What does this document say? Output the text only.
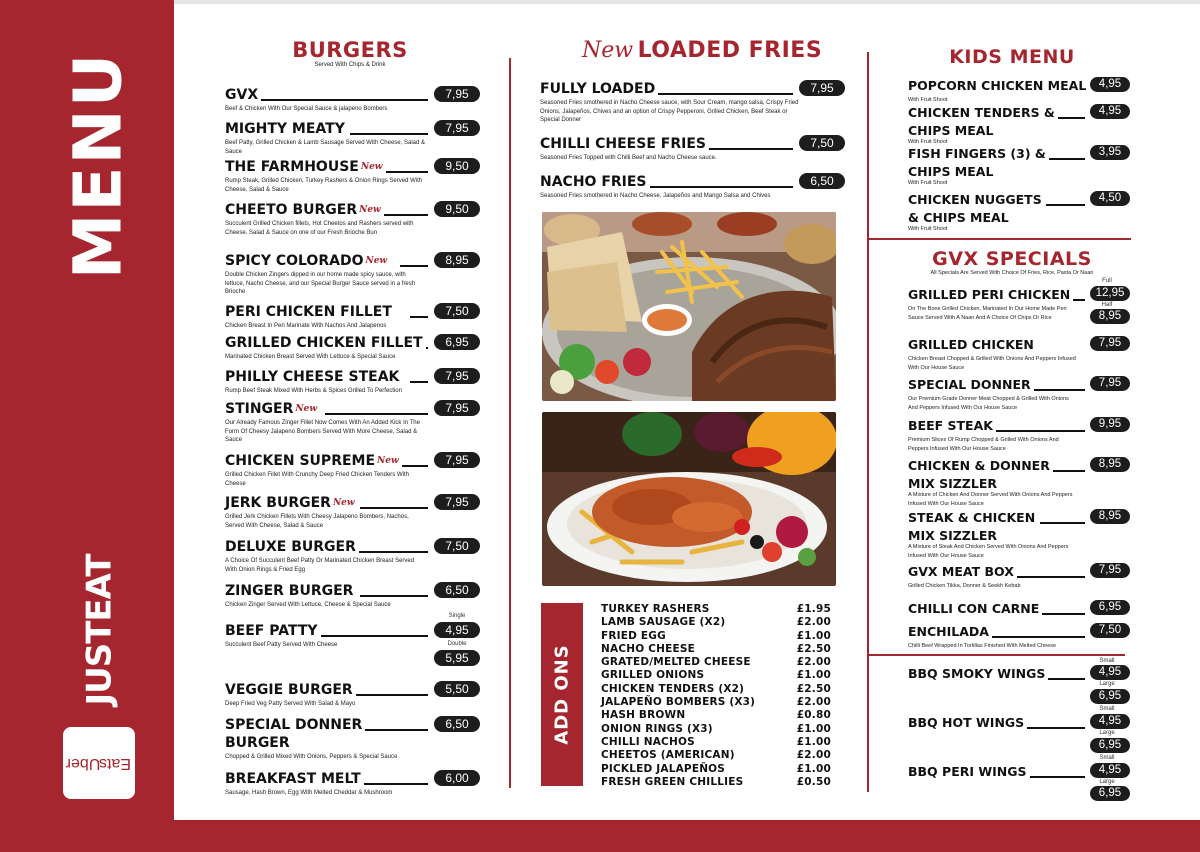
MENU
JUSTEAT
Uber

Eats
BURGERS
Served With Chips & Drink
GVX	7,95
Beef & Chicken With Our Special Sauce & jalapeno Bombers
MIGHTY MEATY	7,95
Beef Patty, Grilled Chicken & Lamb Sausage Served With Cheese, Salad & Sauce
THE FARMHOUSE $^{New}$	9,50
Rump Steak, Grilled Chicken, Turkey Rashers & Onion Rings Served With Cheese, Salad & Sauce
CHEETO BURGER $^{New}$	9,50
Succulent Grilled Chicken fillets, Hot Cheetos and Rashers served with Cheese, Salad & Sauce on one of our Fresh Brioche Bun
SPICY COLORADO $^{New}$	8,95
Double Chicken Zingers dipped in our home made spicy sauce, with lettuce, Nacho Cheese, and our Special Burger Sauce served in a fresh Brioche
PERI CHICKEN FILLET	7,50
Chicken Breast In Peri Marinate With Nachos And Jalapenos
GRILLED CHICKEN FILLET	6,95
Marinated Chicken Breast Served With Lettuce & Special Sauce
PHILLY CHEESE STEAK	7,95
Rump Beef Steak Mixed With Herbs & Spices Grilled To Perfection
STINGER $^{New}$	7,95
Our Already Famous Zinger Fillet Now Comes With An Added Kick In The Form Of Cheesy Jalapeno Bombers Served With More Cheese, Salad & Sauce
CHICKEN SUPREME $^{New}$	7,95
Grilled Chicken Fillet With Crunchy Deep Fried Chicken Tenders With Cheese
JERK BURGER $^{New}$	7,95
Grilled Jerk Chicken Fillets With Cheesy Jalapeno Bombers, Nachos, Served With Cheese, Salad & Sauce
DELUXE BURGER	7,50
A Choice Of Succulent Beef Patty Or Marinated Chicken Breast Served With Onion Rings & Fried Egg
ZINGER BURGER	6,50
Chicken Zinger Served With Lettuce, Cheese & Special Sauce
Single
BEEF PATTY	4,95
Succulent Beef Patty Served With Cheese	Double
5,95
VEGGIE BURGER	5,50
Deep Fried Veg Patty Served With Salad & Mayo
SPECIAL DONNER	6,50
BURGER
Chopped & Grilled Mixed With Onions, Peppers & Special Sauce
BREAKFAST MELT	6,00
Sausage, Hash Brown, Egg With Melted Cheddar & Mushroom
New LOADED FRIES
FULLY LOADED	7,95
Seasoned Fries smothered in Nacho Cheese sauce, with Sour Cream, mango salsa, Crispy Fried Onions, Jalapeños, Chives and an option of Crispy Pepperoni, Grilled Chicken, Beef Steak or Special Donner
CHILLI CHEESE FRIES	7,50
Seasoned Fries Topped with Chilli Beef and Nacho Cheese sauce.
NACHO FRIES	6,50
Seasoned Fries smothered in Nacho Cheese, Jalapeños and Mango Salsa and Chives
ADD ONS
TURKEY RASHERS	£1.95
LAMB SAUSAGE (X2)	£2.00
FRIED EGG	£1.00
NACHO CHEESE	£2.50
GRATED/MELTED CHEESE	£2.00
GRILLED ONIONS	£1.00
CHICKEN TENDERS (X2)	£2.50
JALAPEÑO BOMBERS (X3)	£2.00
HASH BROWN	£0.80
ONION RINGS (X3)	£1.00
CHILLI NACHOS	£1.00
CHEETOS (AMERICAN)	£2.00
PICKLED JALAPEÑOS	£1.00
FRESH GREEN CHILLIES	£0.50
KIDS MENU
POPCORN CHICKEN MEAL	4,95
With Fruit Shoot
CHICKEN TENDERS &	4,95
CHIPS MEAL
With Fruit Shoot
FISH FINGERS (3) &	3,95
CHIPS MEAL
With Fruit Shoot
CHICKEN NUGGETS	4,50
& CHIPS MEAL
With Fruit Shoot
GVX SPECIALS
All Specials Are Served With Choice Of Fries, Rice, Pasta Or Naan
Full
GRILLED PERI CHICKEN	12,95
On The Bone Grilled Chicken, Marinated In Our Home Made Peri Sauce Served With A Naan And A Choice Of Chips Or Rice
Half
8,95
GRILLED CHICKEN	7,95
Chicken Breast Chopped & Grilled With Onions And Peppers Infused With Our House Sauce
SPECIAL DONNER	7,95
Our Premium Grade Donner Meat Chopped & Grilled With Onions And Peppers Infused With Our House Sauce
BEEF STEAK	9,95
Premium Slices Of Rump Chopped & Grilled With Onions And Peppers Infused With Our House Sauce
CHICKEN & DONNER	8,95
MIX SIZZLER
A Mixture of Chicken And Donner Served With Onions And Peppers Infused With Our House Sauce
STEAK & CHICKEN	8,95
MIX SIZZLER
A Mixture of Steak And Chicken Served With Onions And Peppers Infused With Our House Sauce
GVX MEAT BOX	7,95
Grilled Chicken Tikka, Donner & Seekh Kebab
CHILLI CON CARNE	6,95
ENCHILADA	7,50
Chilli Beef Wrapped In Tortillas Finished With Melted Cheese
Small
BBQ SMOKY WINGS	4,95
Large
6,95
Small
BBQ HOT WINGS	4,95
Large
6,95
Small
BBQ PERI WINGS	4,95
Large
6,95
